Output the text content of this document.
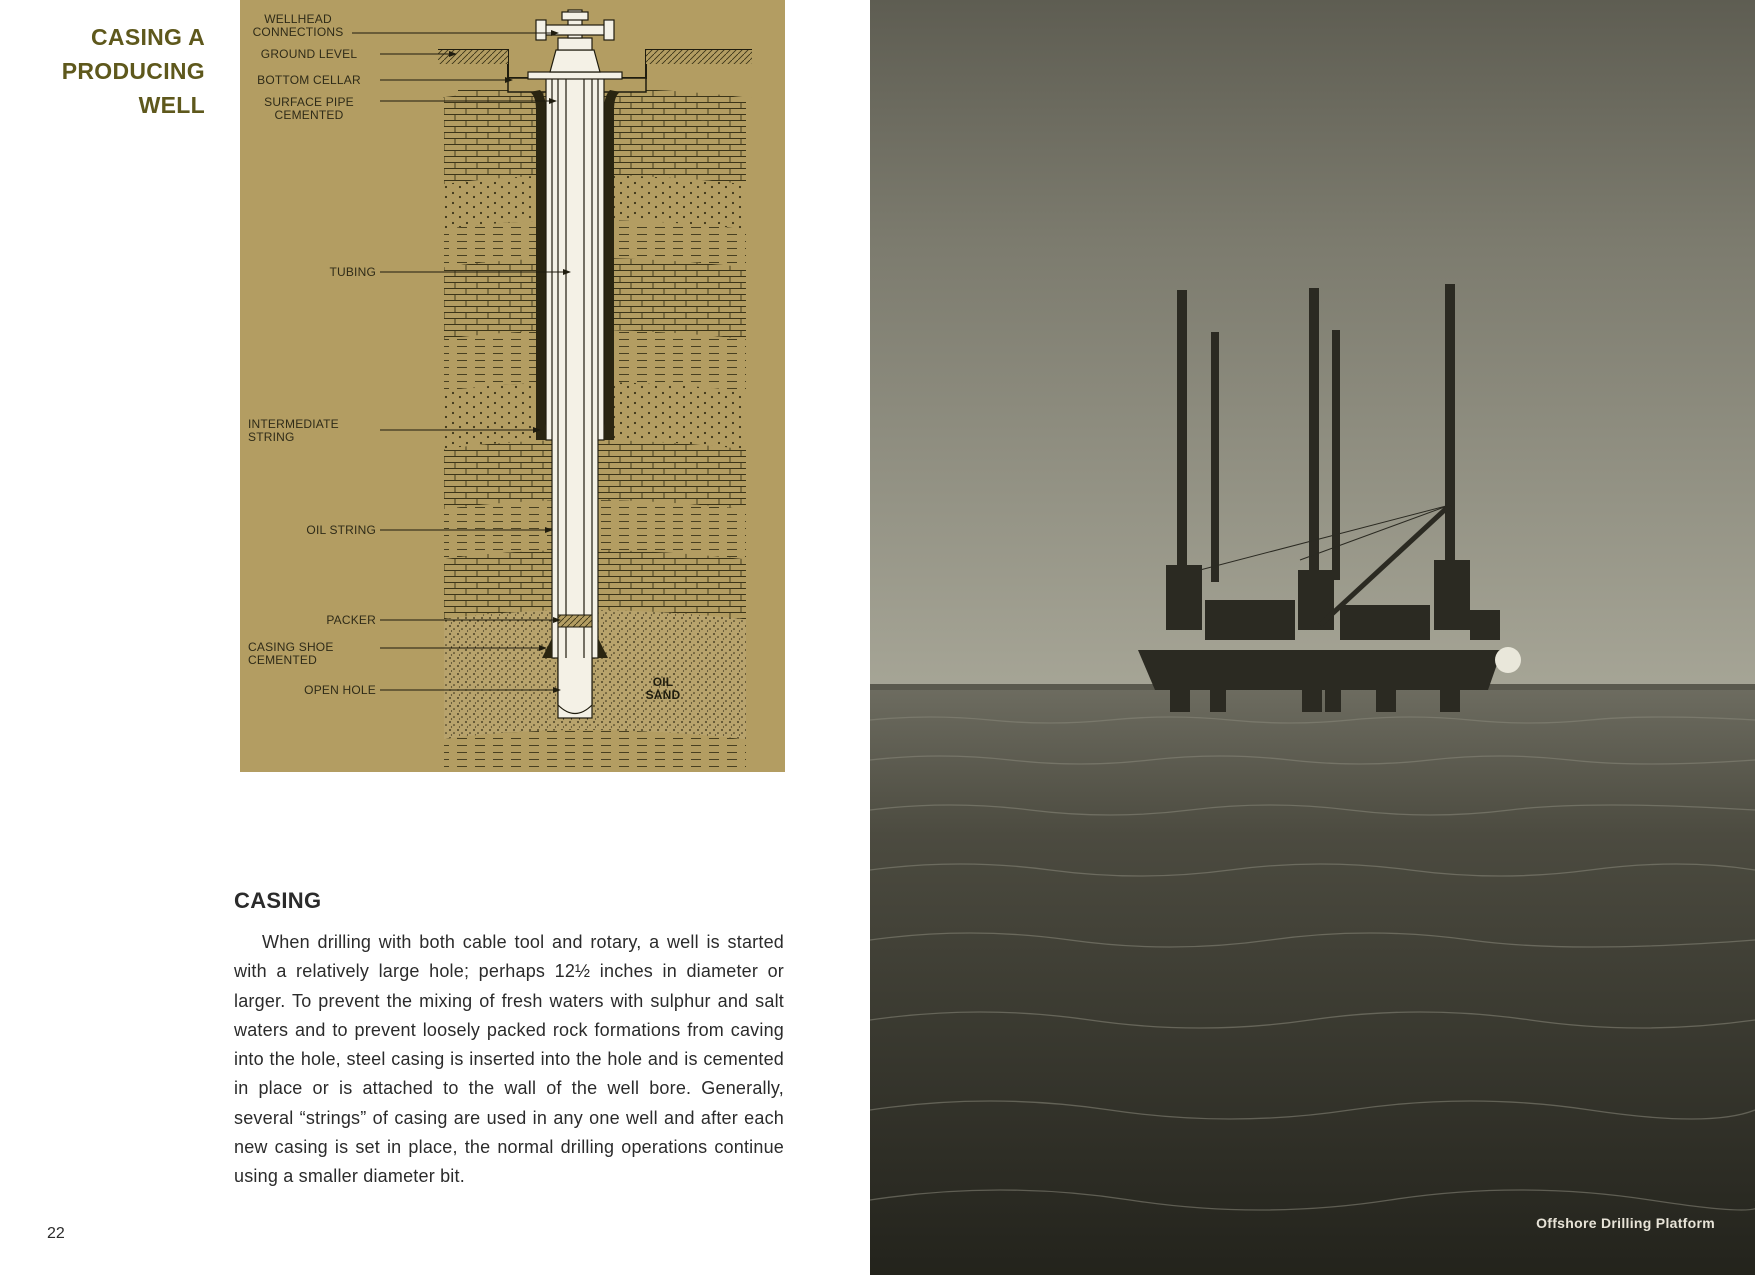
CASING A
PRODUCING
WELL
WELLHEAD
CONNECTIONS
GROUND LEVEL
BOTTOM CELLAR
SURFACE PIPE
CEMENTED
TUBING
INTERMEDIATE
STRING
OIL STRING
PACKER
CASING SHOE
CEMENTED
OPEN HOLE
OIL
SAND
CASING
When drilling with both cable tool and rotary, a well is started with a relatively large hole; perhaps 12½ inches in diameter or larger. To prevent the mixing of fresh waters with sulphur and salt waters and to prevent loosely packed rock formations from caving into the hole, steel casing is inserted into the hole and is cemented in place or is attached to the wall of the well bore. Generally, several “strings” of casing are used in any one well and after each new casing is set in place, the normal drilling operations continue using a smaller diameter bit.
22
Offshore Drilling Platform
